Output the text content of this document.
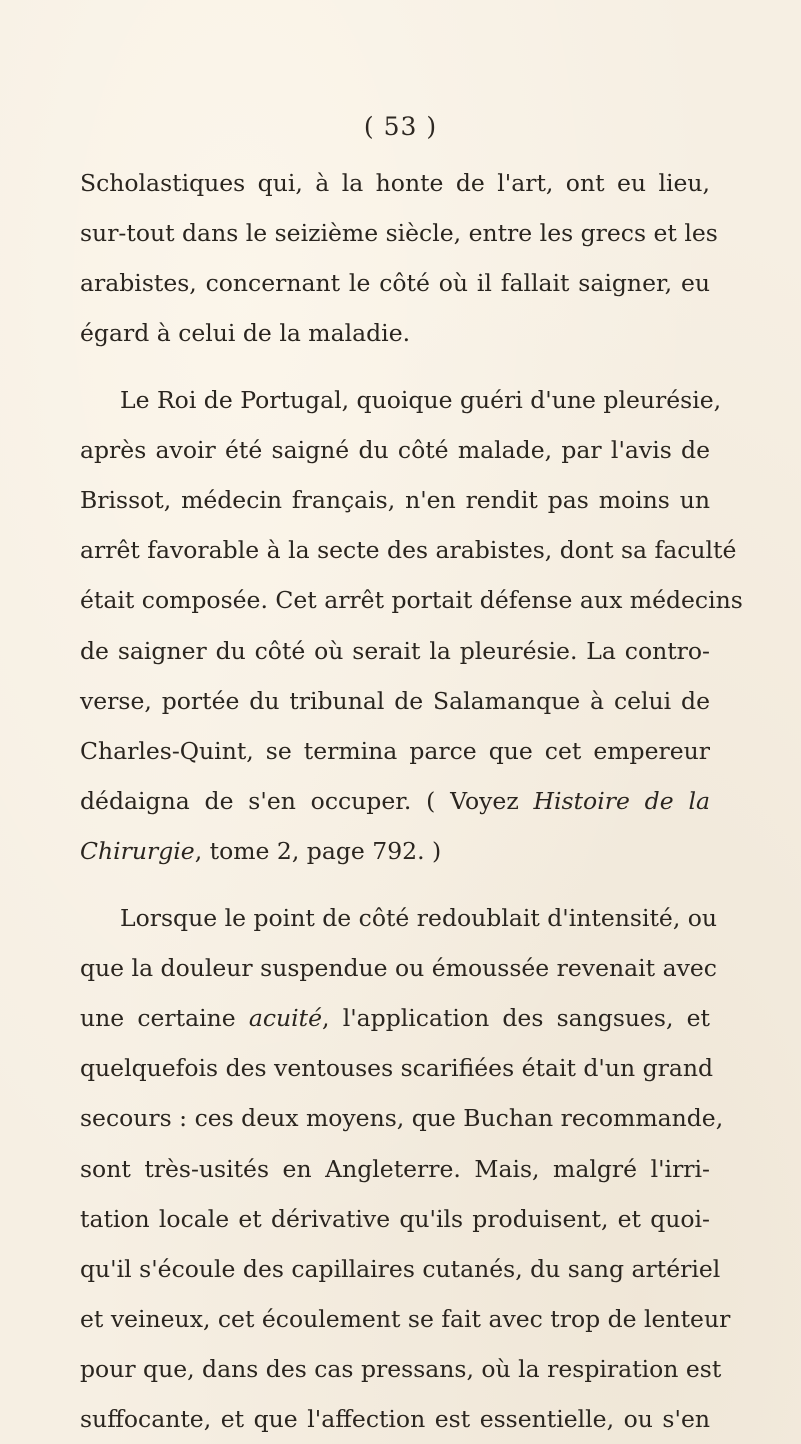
( 53 )
Scholastiques qui, à la honte de l'art, ont eu lieu,
sur-tout dans le seizième siècle, entre les grecs et les
arabistes, concernant le côté où il fallait saigner, eu
égard à celui de la maladie.
Le Roi de Portugal, quoique guéri d'une pleurésie,
après avoir été saigné du côté malade, par l'avis de
Brissot, médecin français, n'en rendit pas moins un
arrêt favorable à la secte des arabistes, dont sa faculté
était composée. Cet arrêt portait défense aux médecins
de saigner du côté où serait la pleurésie. La contro-
verse, portée du tribunal de Salamanque à celui de
Charles-Quint, se termina parce que cet empereur
dédaigna de s'en occuper. ( Voyez Histoire de la
Chirurgie, tome 2, page 792. )
Lorsque le point de côté redoublait d'intensité, ou
que la douleur suspendue ou émoussée revenait avec
une certaine acuité, l'application des sangsues, et
quelquefois des ventouses scarifiées était d'un grand
secours : ces deux moyens, que Buchan recommande,
sont très-usités en Angleterre. Mais, malgré l'irri-
tation locale et dérivative qu'ils produisent, et quoi-
qu'il s'écoule des capillaires cutanés, du sang artériel
et veineux, cet écoulement se fait avec trop de lenteur
pour que, dans des cas pressans, où la respiration est
suffocante, et que l'affection est essentielle, ou s'en
